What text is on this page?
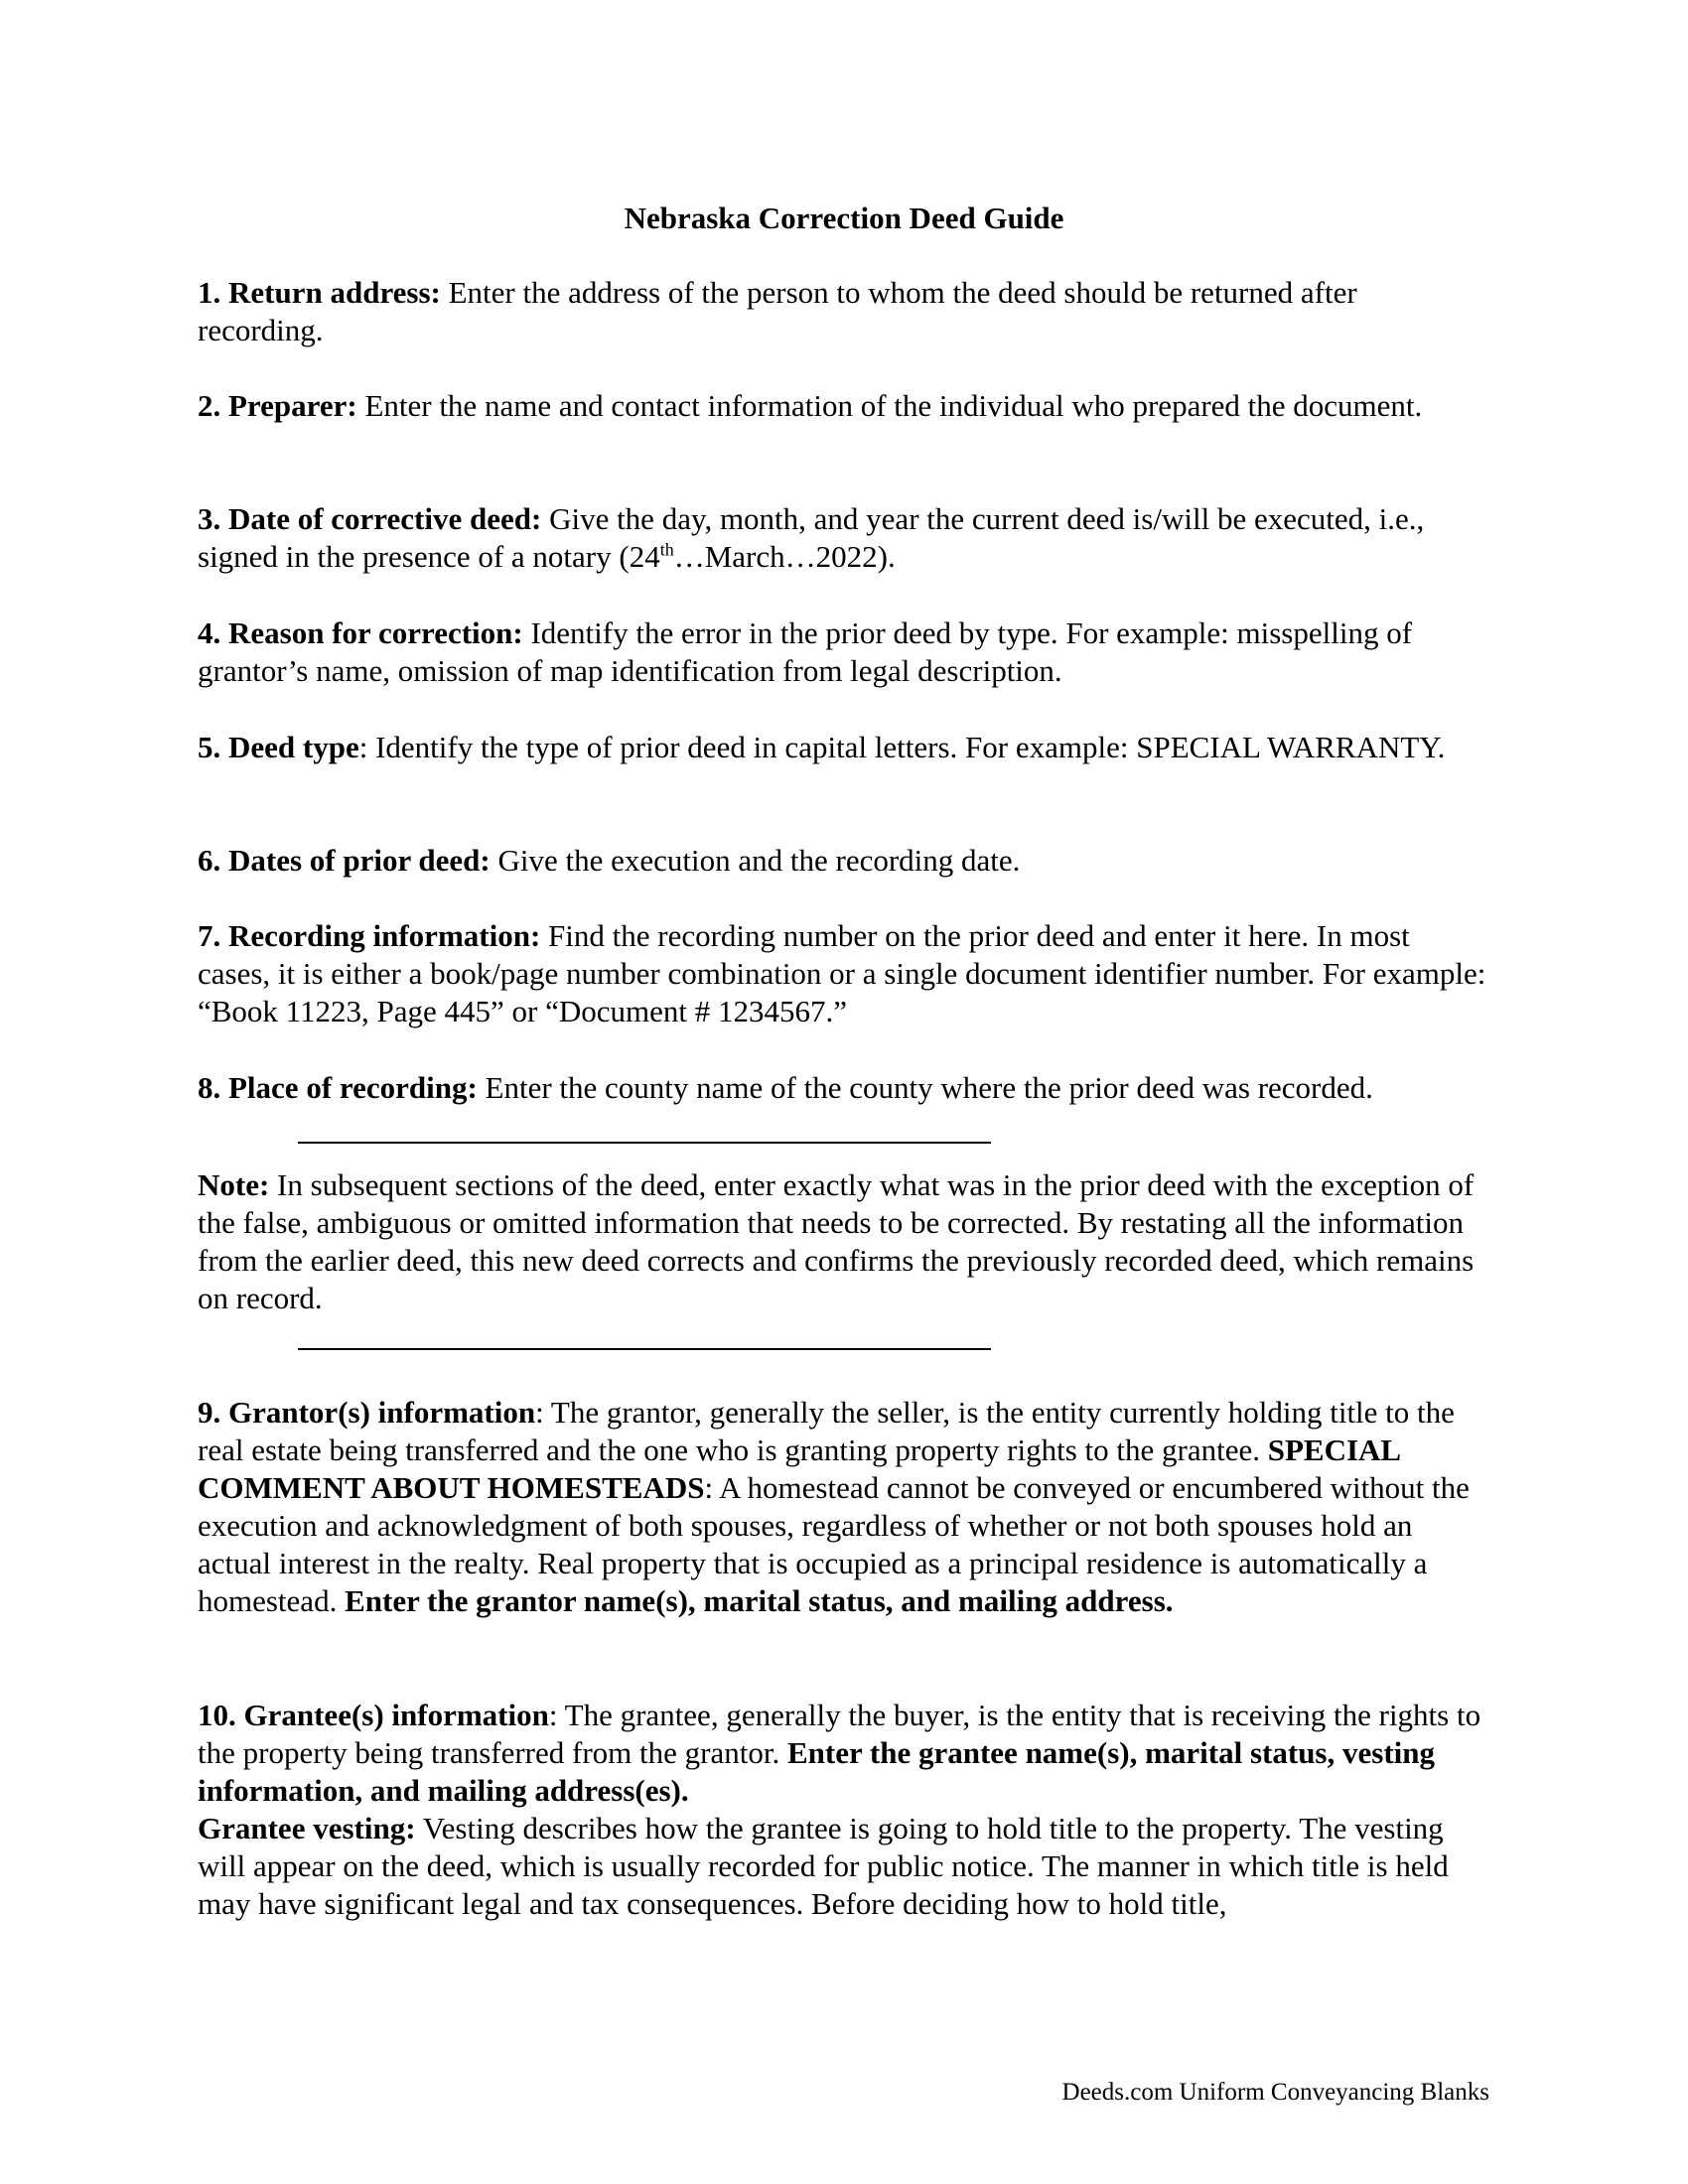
Nebraska Correction Deed Guide

1. Return address: Enter the address of the person to whom the deed should be returned after recording.

2. Preparer: Enter the name and contact information of the individual who prepared the document.

3. Date of corrective deed: Give the day, month, and year the current deed is/will be executed, i.e., signed in the presence of a notary (24th…March…2022).

4. Reason for correction: Identify the error in the prior deed by type. For example: misspelling of grantor’s name, omission of map identification from legal description.

5. Deed type: Identify the type of prior deed in capital letters. For example: SPECIAL WARRANTY.

6. Dates of prior deed: Give the execution and the recording date.

7. Recording information: Find the recording number on the prior deed and enter it here. In most cases, it is either a book/page number combination or a single document identifier number. For example: “Book 11223, Page 445” or “Document # 1234567.”

8. Place of recording: Enter the county name of the county where the prior deed was recorded.

Note: In subsequent sections of the deed, enter exactly what was in the prior deed with the exception of the false, ambiguous or omitted information that needs to be corrected. By restating all the information from the earlier deed, this new deed corrects and confirms the previously recorded deed, which remains on record.

9. Grantor(s) information: The grantor, generally the seller, is the entity currently holding title to the real estate being transferred and the one who is granting property rights to the grantee. SPECIAL COMMENT ABOUT HOMESTEADS: A homestead cannot be conveyed or encumbered without the execution and acknowledgment of both spouses, regardless of whether or not both spouses hold an actual interest in the realty. Real property that is occupied as a principal residence is automatically a homestead. Enter the grantor name(s), marital status, and mailing address.

10. Grantee(s) information: The grantee, generally the buyer, is the entity that is receiving the rights to the property being transferred from the grantor. Enter the grantee name(s), marital status, vesting information, and mailing address(es).
Grantee vesting: Vesting describes how the grantee is going to hold title to the property. The vesting will appear on the deed, which is usually recorded for public notice. The manner in which title is held may have significant legal and tax consequences. Before deciding how to hold title,

Deeds.com Uniform Conveyancing Blanks
